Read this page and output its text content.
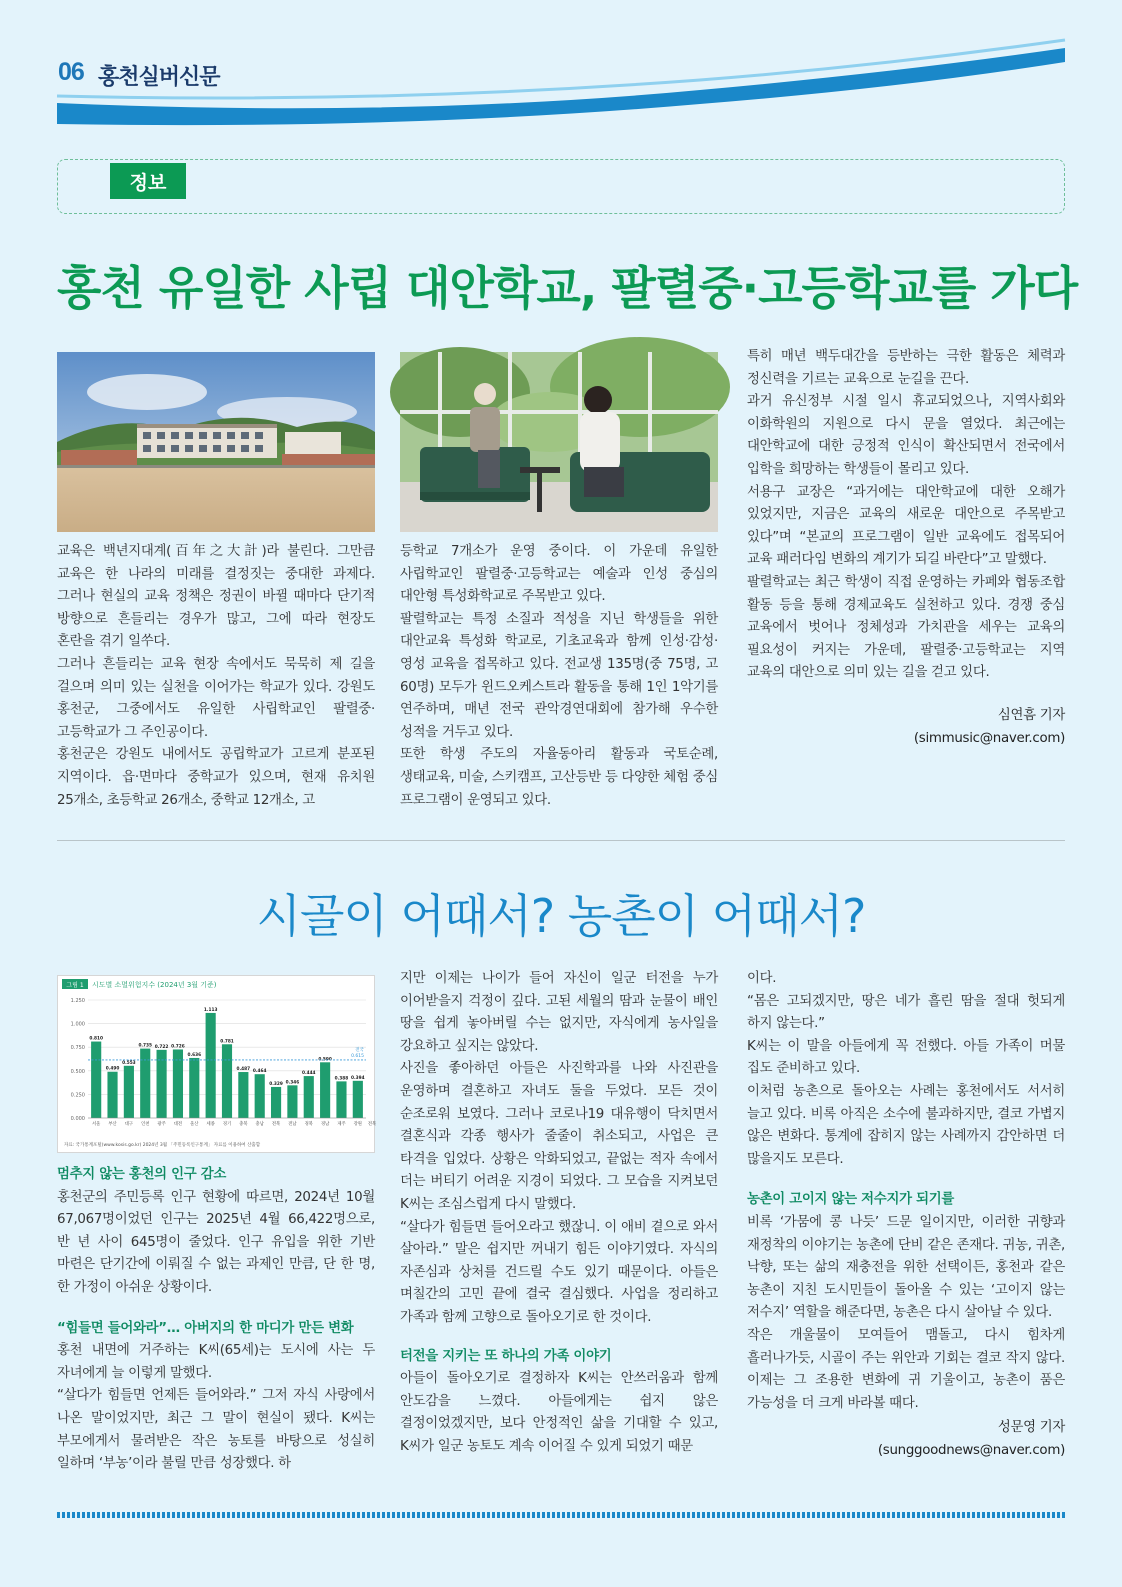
06 홍천실버신문
정보
홍천 유일한 사립 대안학교, 팔렬중·고등학교를 가다

교육은 백년지대계(百年之大計)라 불린다. 그만큼 교육은 한 나라의 미래를 결정짓는 중대한 과제다. 그러나 현실의 교육 정책은 정권이 바뀔 때마다 단기적 방향으로 흔들리는 경우가 많고, 그에 따라 현장도 혼란을 겪기 일쑤다.

그러나 흔들리는 교육 현장 속에서도 묵묵히 제 길을 걸으며 의미 있는 실천을 이어가는 학교가 있다. 강원도 홍천군, 그중에서도 유일한 사립학교인 팔렬중·고등학교가 그 주인공이다.

홍천군은 강원도 내에서도 공립학교가 고르게 분포된 지역이다. 읍·면마다 중학교가 있으며, 현재 유치원 25개소, 초등학교 26개소, 중학교 12개소, 고

등학교 7개소가 운영 중이다. 이 가운데 유일한 사립학교인 팔렬중·고등학교는 예술과 인성 중심의 대안형 특성화학교로 주목받고 있다.

팔렬학교는 특정 소질과 적성을 지닌 학생들을 위한 대안교육 특성화 학교로, 기초교육과 함께 인성·감성·영성 교육을 접목하고 있다. 전교생 135명(중 75명, 고 60명) 모두가 윈드오케스트라 활동을 통해 1인 1악기를 연주하며, 매년 전국 관악경연대회에 참가해 우수한 성적을 거두고 있다.

또한 학생 주도의 자율동아리 활동과 국토순례, 생태교육, 미술, 스키캠프, 고산등반 등 다양한 체험 중심 프로그램이 운영되고 있다.

특히 매년 백두대간을 등반하는 극한 활동은 체력과 정신력을 기르는 교육으로 눈길을 끈다.

과거 유신정부 시절 일시 휴교되었으나, 지역사회와 이화학원의 지원으로 다시 문을 열었다. 최근에는 대안학교에 대한 긍정적 인식이 확산되면서 전국에서 입학을 희망하는 학생들이 몰리고 있다.

서용구 교장은 “과거에는 대안학교에 대한 오해가 있었지만, 지금은 교육의 새로운 대안으로 주목받고 있다”며 “본교의 프로그램이 일반 교육에도 접목되어 교육 패러다임 변화의 계기가 되길 바란다”고 말했다.

팔렬학교는 최근 학생이 직접 운영하는 카페와 협동조합 활동 등을 통해 경제교육도 실천하고 있다. 경쟁 중심 교육에서 벗어나 정체성과 가치관을 세우는 교육의 필요성이 커지는 가운데, 팔렬중·고등학교는 지역 교육의 대안으로 의미 있는 길을 걷고 있다.

심연흠 기자

(simmusic@naver.com)

시골이 어때서? 농촌이 어때서?
그림 1 시도별 소멸위험지수 (2024년 3월 기준)
자료: 국가통계포털(www.kosis.go.kr) 2024년 3월 「주민등록인구통계」 자료를 이용하여 산출함
1.250
1.000
0.750
0.500
0.250
0.000
0.810
0.490
0.553
0.735 0.722 0.726
0.636
1.113
0.781
0.487 0.464
0.329 0.346
0.444
0.590
0.388 0.394
서울 부산 대구 인천 광주 대전 울산 세종 경기 충북 충남 전북 전남 경북 경남 제주 강원 전북
전국
0.615

멈추지 않는 홍천의 인구 감소

홍천군의 주민등록 인구 현황에 따르면, 2024년 10월 67,067명이었던 인구는 2025년 4월 66,422명으로, 반 년 사이 645명이 줄었다. 인구 유입을 위한 기반 마련은 단기간에 이뤄질 수 없는 과제인 만큼, 단 한 명, 한 가정이 아쉬운 상황이다.

“힘들면 들어와라”… 아버지의 한 마디가 만든 변화

홍천 내면에 거주하는 K씨(65세)는 도시에 사는 두 자녀에게 늘 이렇게 말했다.

“살다가 힘들면 언제든 들어와라.” 그저 자식 사랑에서 나온 말이었지만, 최근 그 말이 현실이 됐다. K씨는 부모에게서 물려받은 작은 농토를 바탕으로 성실히 일하며 ‘부농’이라 불릴 만큼 성장했다. 하

지만 이제는 나이가 들어 자신이 일군 터전을 누가 이어받을지 걱정이 깊다. 고된 세월의 땀과 눈물이 배인 땅을 쉽게 놓아버릴 수는 없지만, 자식에게 농사일을 강요하고 싶지는 않았다.

사진을 좋아하던 아들은 사진학과를 나와 사진관을 운영하며 결혼하고 자녀도 둘을 두었다. 모든 것이 순조로워 보였다. 그러나 코로나19 대유행이 닥치면서 결혼식과 각종 행사가 줄줄이 취소되고, 사업은 큰 타격을 입었다. 상황은 악화되었고, 끝없는 적자 속에서 더는 버티기 어려운 지경이 되었다. 그 모습을 지켜보던 K씨는 조심스럽게 다시 말했다.

“살다가 힘들면 들어오라고 했잖니. 이 애비 곁으로 와서 살아라.” 말은 쉽지만 꺼내기 힘든 이야기였다. 자식의 자존심과 상처를 건드릴 수도 있기 때문이다. 아들은 며칠간의 고민 끝에 결국 결심했다. 사업을 정리하고 가족과 함께 고향으로 돌아오기로 한 것이다.

터전을 지키는 또 하나의 가족 이야기

아들이 돌아오기로 결정하자 K씨는 안쓰러움과 함께 안도감을 느꼈다. 아들에게는 쉽지 않은 결정이었겠지만, 보다 안정적인 삶을 기대할 수 있고, K씨가 일군 농토도 계속 이어질 수 있게 되었기 때문

이다.

“몸은 고되겠지만, 땅은 네가 흘린 땀을 절대 헛되게 하지 않는다.”

K씨는 이 말을 아들에게 꼭 전했다. 아들 가족이 머물 집도 준비하고 있다.

이처럼 농촌으로 돌아오는 사례는 홍천에서도 서서히 늘고 있다. 비록 아직은 소수에 불과하지만, 결코 가볍지 않은 변화다. 통계에 잡히지 않는 사례까지 감안하면 더 많을지도 모른다.

농촌이 고이지 않는 저수지가 되기를

비록 ‘가뭄에 콩 나듯’ 드문 일이지만, 이러한 귀향과 재정착의 이야기는 농촌에 단비 같은 존재다. 귀농, 귀촌, 낙향, 또는 삶의 재충전을 위한 선택이든, 홍천과 같은 농촌이 지친 도시민들이 돌아올 수 있는 ‘고이지 않는 저수지’ 역할을 해준다면, 농촌은 다시 살아날 수 있다.

작은 개울물이 모여들어 맴돌고, 다시 힘차게 흘러나가듯, 시골이 주는 위안과 기회는 결코 작지 않다. 이제는 그 조용한 변화에 귀 기울이고, 농촌이 품은 가능성을 더 크게 바라볼 때다.

성문영 기자

(sunggoodnews@naver.com)
